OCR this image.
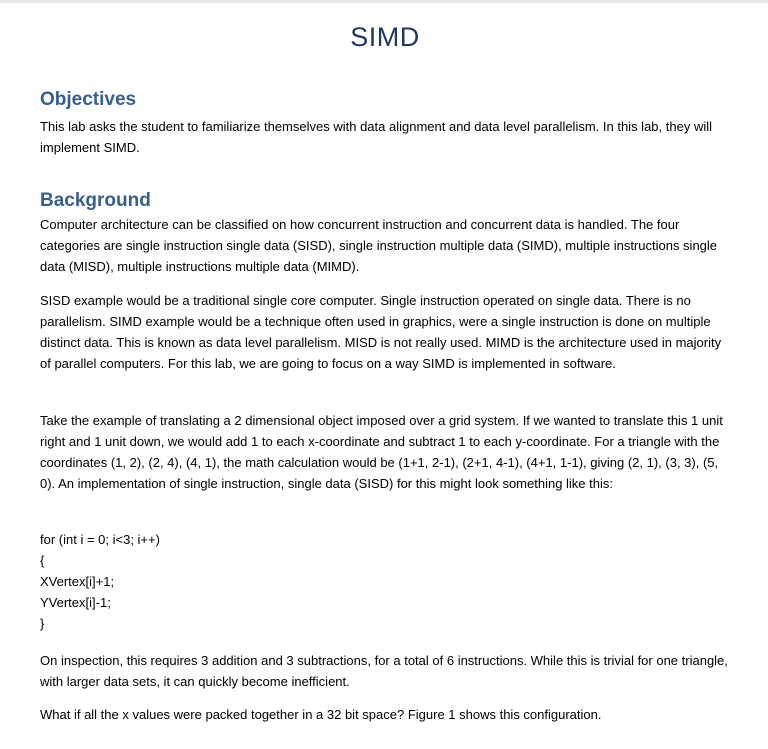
SIMD
Objectives
This lab asks the student to familiarize themselves with data alignment and data level parallelism. In this lab, they will implement SIMD.
Background
Computer architecture can be classified on how concurrent instruction and concurrent data is handled. The four categories are single instruction single data (SISD), single instruction multiple data (SIMD), multiple instructions single data (MISD), multiple instructions multiple data (MIMD).
SISD example would be a traditional single core computer. Single instruction operated on single data. There is no parallelism. SIMD example would be a technique often used in graphics, were a single instruction is done on multiple distinct data. This is known as data level parallelism. MISD is not really used. MIMD is the architecture used in majority of parallel computers. For this lab, we are going to focus on a way SIMD is implemented in software.
Take the example of translating a 2 dimensional object imposed over a grid system. If we wanted to translate this 1 unit right and 1 unit down, we would add 1 to each x-coordinate and subtract 1 to each y-coordinate. For a triangle with the coordinates (1, 2), (2, 4), (4, 1), the math calculation would be (1+1, 2-1), (2+1, 4-1), (4+1, 1-1), giving (2, 1), (3, 3), (5, 0). An implementation of single instruction, single data (SISD) for this might look something like this:
for (int i = 0; i<3; i++)
{
XVertex[i]+1;
YVertex[i]-1;
}
On inspection, this requires 3 addition and 3 subtractions, for a total of 6 instructions. While this is trivial for one triangle, with larger data sets, it can quickly become inefficient.
What if all the x values were packed together in a 32 bit space? Figure 1 shows this configuration.
